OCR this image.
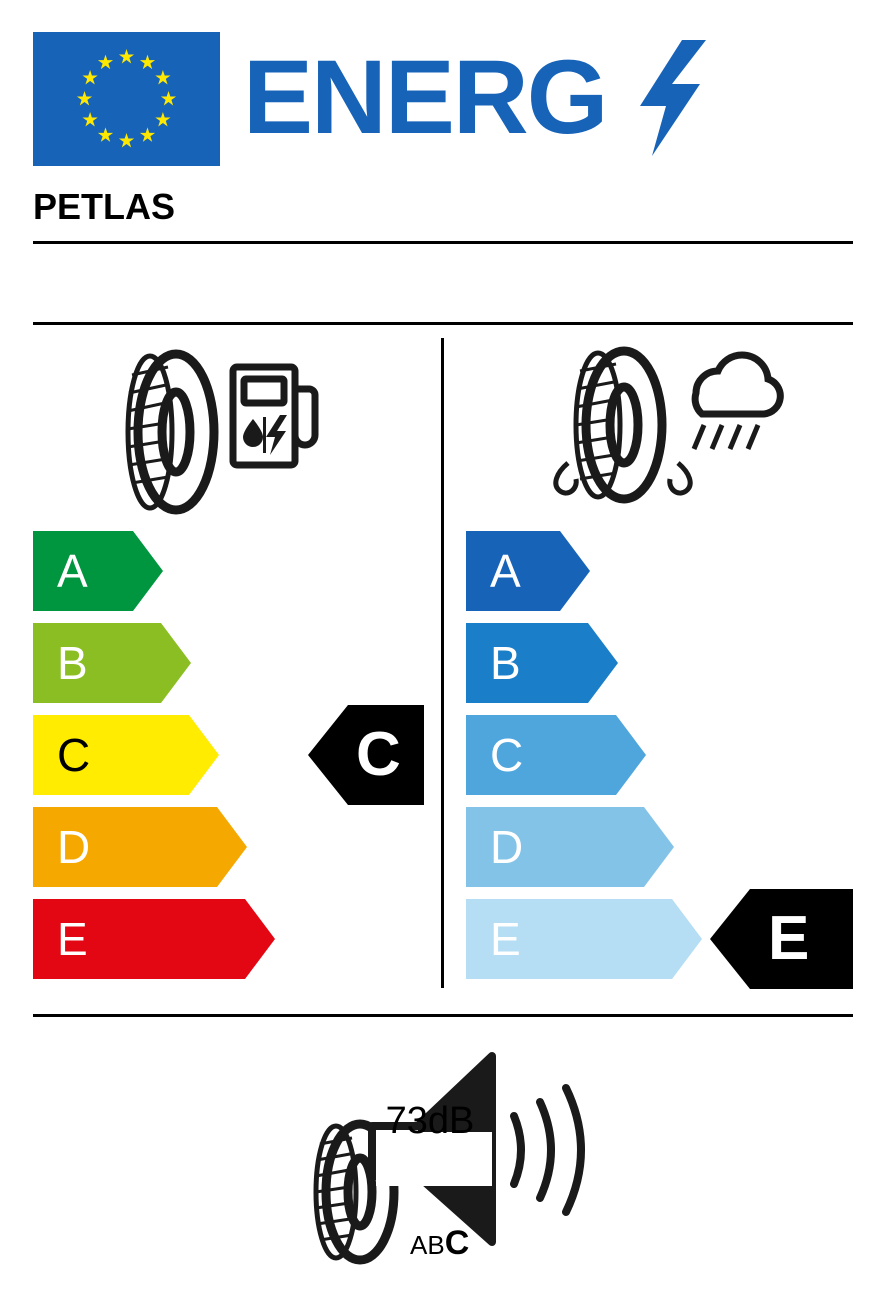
ENERG
PETLAS
A
B
C
D
E
C
A
B
C
D
E	E
73dB
ABC
